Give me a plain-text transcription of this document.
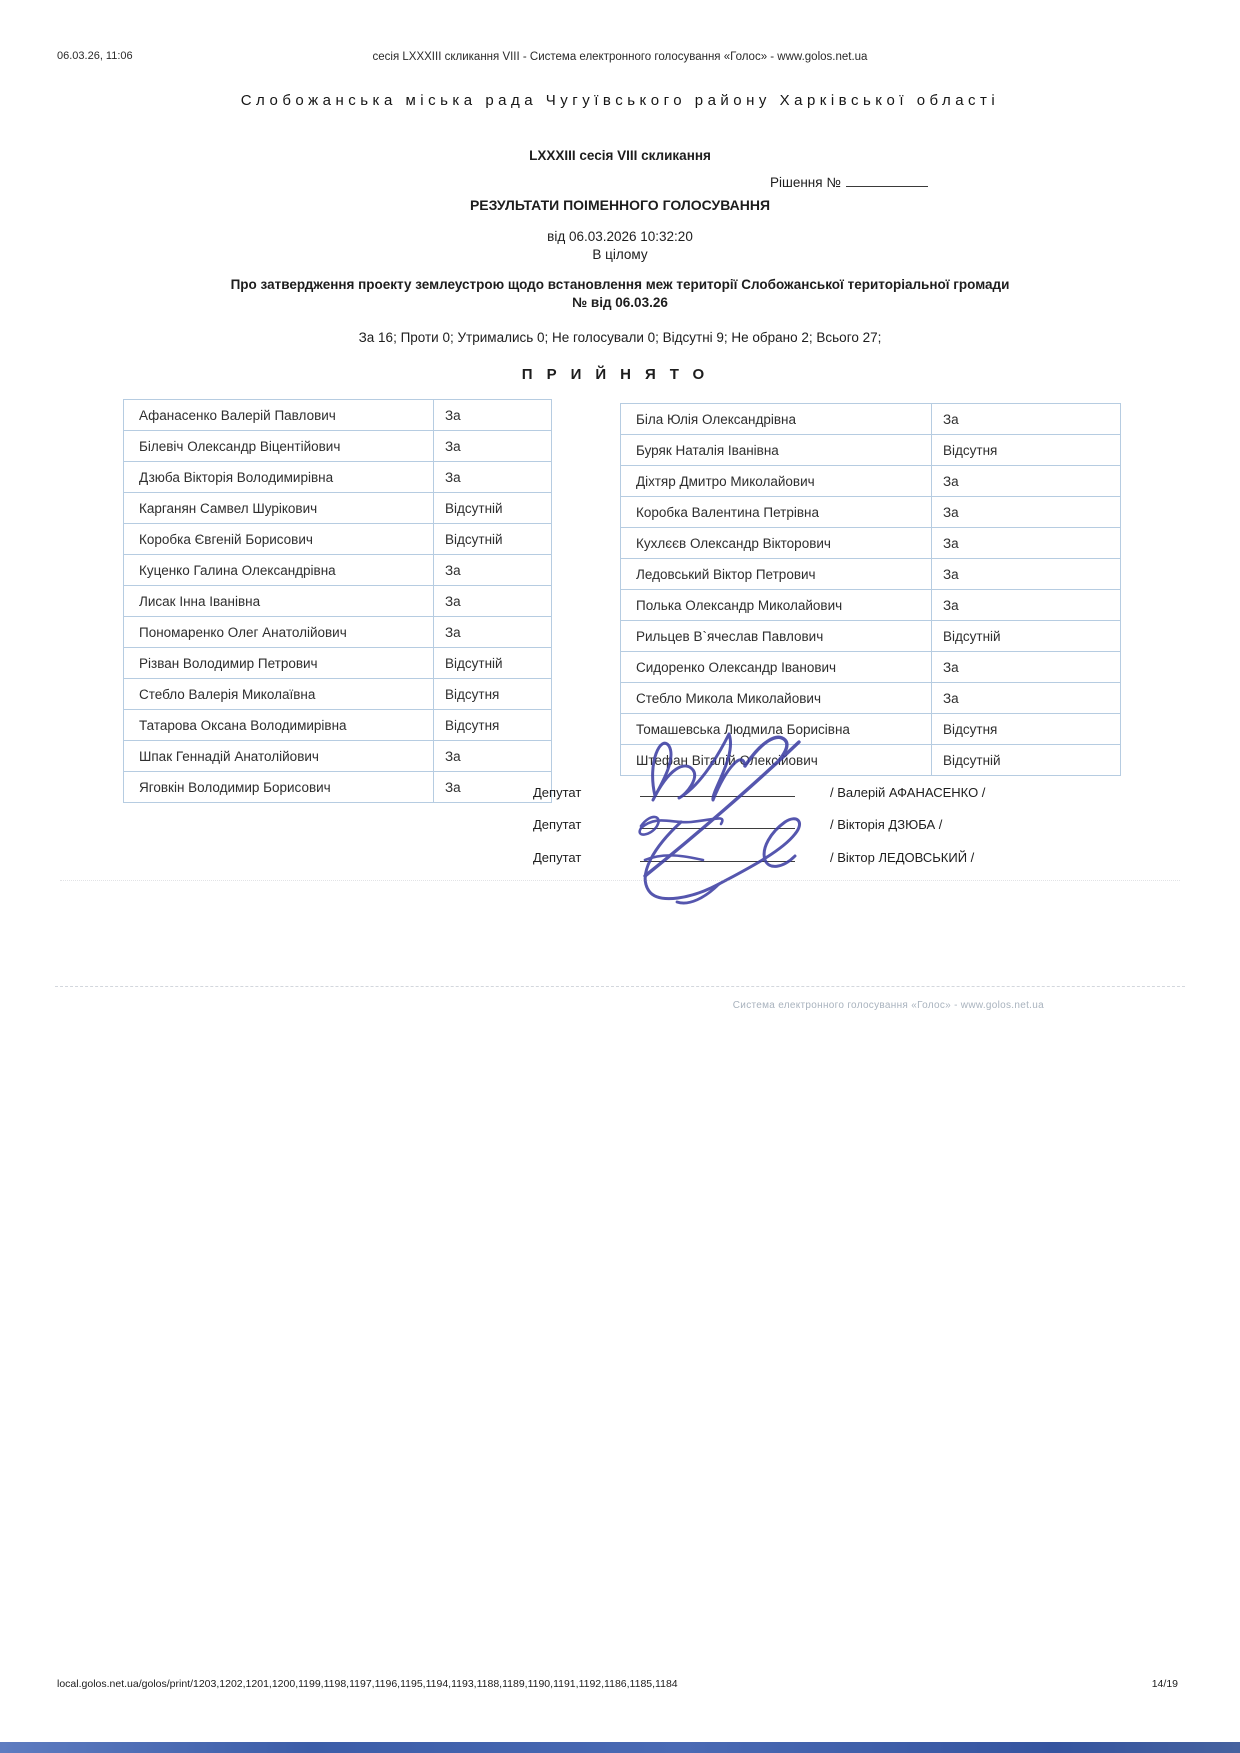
06.03.26, 11:06	сесія LXXXIII скликання VIII - Система електронного голосування «Голос» - www.golos.net.ua
Слобожанська міська рада Чугуївського району Харківської області
LXXXIII сесія VIII скликання
Рішення №
РЕЗУЛЬТАТИ ПОІМЕННОГО ГОЛОСУВАННЯ
від 06.03.2026 10:32:20
В цілому
Про затвердження проекту землеустрою щодо встановлення меж території Слобожанської територіальної громади
№ від 06.03.26
За 16; Проти 0; Утримались 0; Не голосували 0; Відсутні 9; Не обрано 2; Всього 27;
ПРИЙНЯТО
Афанасенко Валерій Павлович	За
Білевіч Олександр Віцентійович	За
Дзюба Вікторія Володимирівна	За
Карганян Самвел Шурікович	Відсутній
Коробка Євгеній Борисович	Відсутній
Куценко Галина Олександрівна	За
Лисак Інна Іванівна	За
Пономаренко Олег Анатолійович	За
Різван Володимир Петрович	Відсутній
Стебло Валерія Миколаївна	Відсутня
Татарова Оксана Володимирівна	Відсутня
Шпак Геннадій Анатолійович	За
Яговкін Володимир Борисович	За
Біла Юлія Олександрівна	За
Буряк Наталія Іванівна	Відсутня
Діхтяр Дмитро Миколайович	За
Коробка Валентина Петрівна	За
Кухлєєв Олександр Вікторович	За
Ледовський Віктор Петрович	За
Полька Олександр Миколайович	За
Рильцев В`ячеслав Павлович	Відсутній
Сидоренко Олександр Іванович	За
Стебло Микола Миколайович	За
Томашевська Людмила Борисівна	Відсутня
Штефан Віталій Олексійович	Відсутній
Депутат	/ Валерій АФАНАСЕНКО /
Депутат	/ Вікторія ДЗЮБА /
Депутат	/ Віктор ЛЕДОВСЬКИЙ /
Система електронного голосування «Голос» - www.golos.net.ua
local.golos.net.ua/golos/print/1203,1202,1201,1200,1199,1198,1197,1196,1195,1194,1193,1188,1189,1190,1191,1192,1186,1185,1184	14/19
